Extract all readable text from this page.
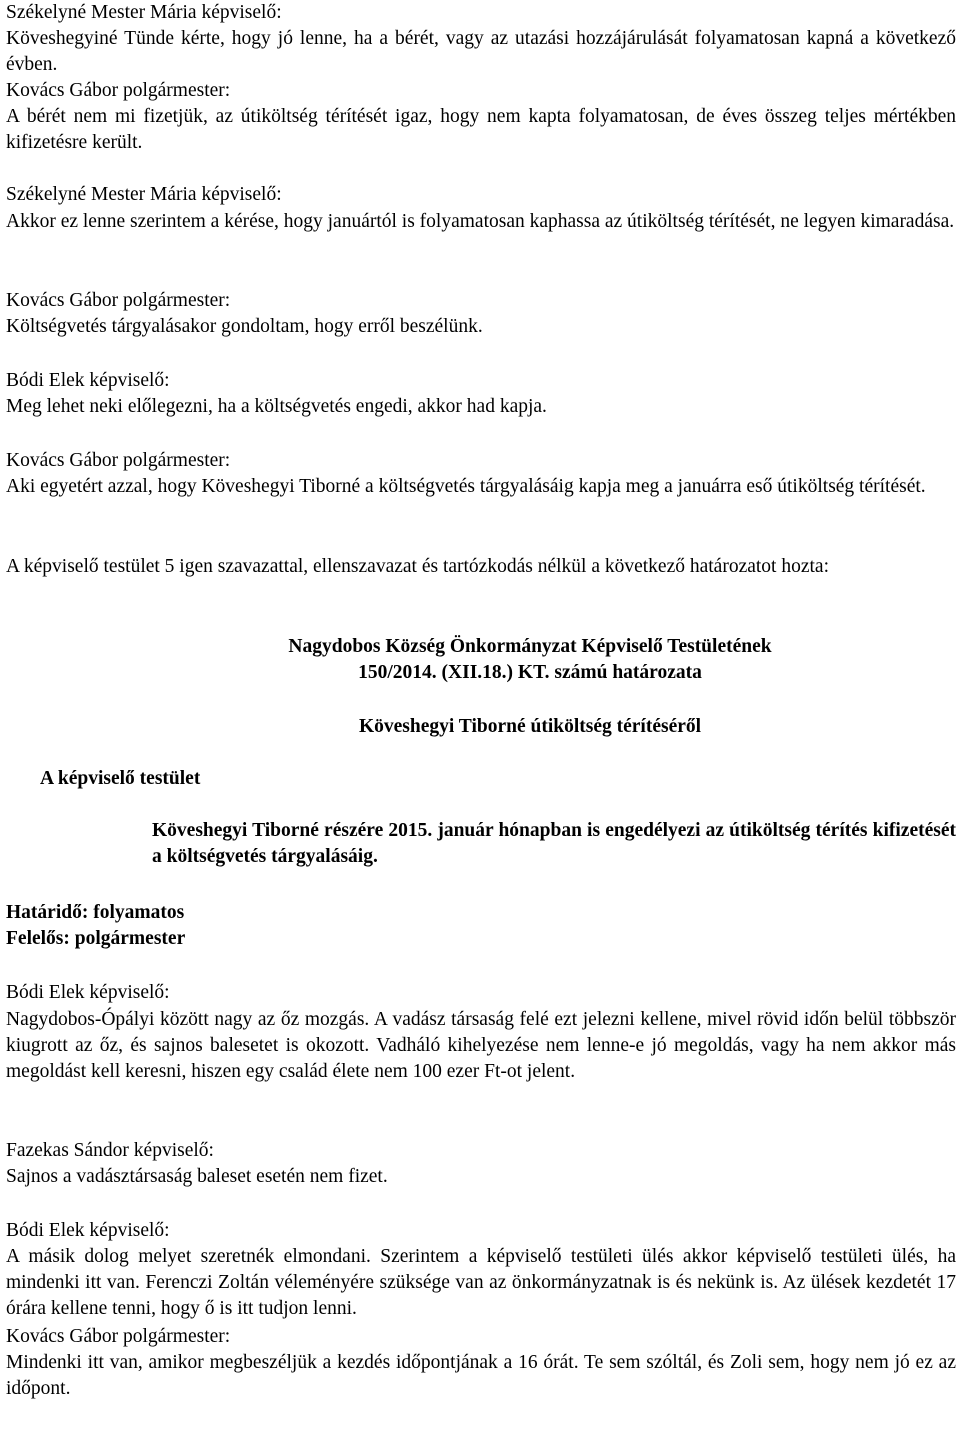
Székelyné Mester Mária képviselő:

Köveshegyiné Tünde kérte, hogy jó lenne, ha a bérét, vagy az utazási hozzájárulását folyamatosan kapná a következő évben.

Kovács Gábor polgármester:

A bérét nem mi fizetjük, az útiköltség térítését igaz, hogy nem kapta folyamatosan, de éves összeg teljes mértékben kifizetésre került.

Székelyné Mester Mária képviselő:

Akkor ez lenne szerintem a kérése, hogy januártól is folyamatosan kaphassa az útiköltség térítését, ne legyen kimaradása.

Kovács Gábor polgármester:

Költségvetés tárgyalásakor gondoltam, hogy erről beszélünk.

Bódi Elek képviselő:

Meg lehet neki előlegezni, ha a költségvetés engedi, akkor had kapja.

Kovács Gábor polgármester:

Aki egyetért azzal, hogy Köveshegyi Tiborné a költségvetés tárgyalásáig kapja meg a januárra eső útiköltség térítését.

A képviselő testület 5 igen szavazattal, ellenszavazat és tartózkodás nélkül a következő határozatot hozta:

Nagydobos Község Önkormányzat Képviselő Testületének
150/2014. (XII.18.) KT. számú határozata
Köveshegyi Tiborné útiköltség térítéséről
A képviselő testület
Köveshegyi Tiborné részére 2015. január hónapban is engedélyezi az útiköltség térítés kifizetését a költségvetés tárgyalásáig.
Határidő: folyamatos
Felelős: polgármester

Bódi Elek képviselő:

Nagydobos-Ópályi között nagy az őz mozgás. A vadász társaság felé ezt jelezni kellene, mivel rövid időn belül többször kiugrott az őz, és sajnos balesetet is okozott. Vadháló kihelyezése nem lenne-e jó megoldás, vagy ha nem akkor más megoldást kell keresni, hiszen egy család élete nem 100 ezer Ft-ot jelent.

Fazekas Sándor képviselő:

Sajnos a vadásztársaság baleset esetén nem fizet.

Bódi Elek képviselő:

A másik dolog melyet szeretnék elmondani. Szerintem a képviselő testületi ülés akkor képviselő testületi ülés, ha mindenki itt van. Ferenczi Zoltán véleményére szüksége van az önkormányzatnak is és nekünk is. Az ülések kezdetét 17 órára kellene tenni, hogy ő is itt tudjon lenni.

Kovács Gábor polgármester:

Mindenki itt van, amikor megbeszéljük a kezdés időpontjának a 16 órát. Te sem szóltál, és Zoli sem, hogy nem jó ez az időpont.
